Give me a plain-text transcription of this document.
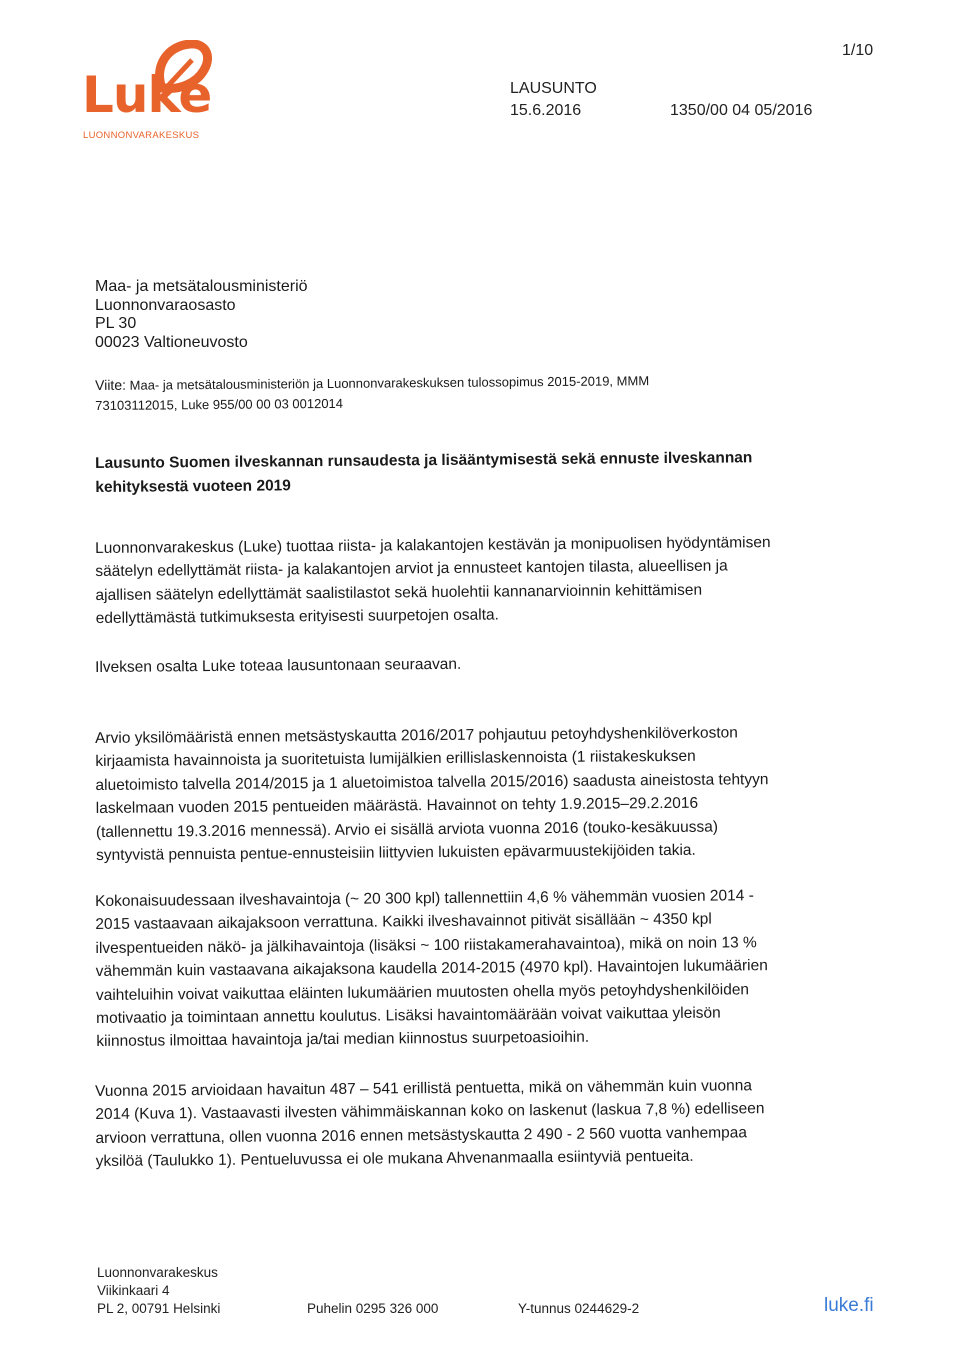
Luke
LUONNONVARAKESKUS
1/10
LAUSUNTO
15.6.2016	1350/00 04 05/2016
Maa- ja metsätalousministeriö
Luonnonvaraosasto
PL 30
00023 Valtioneuvosto
Viite: Maa- ja metsätalousministeriön ja Luonnonvarakeskuksen tulossopimus 2015-2019, MMM
73103112015, Luke 955/00 00 03 0012014
Lausunto Suomen ilveskannan runsaudesta ja lisääntymisestä sekä ennuste ilveskannan
kehityksestä vuoteen 2019

Luonnonvarakeskus (Luke) tuottaa riista- ja kalakantojen kestävän ja monipuolisen hyödyntämisen

säätelyn edellyttämät riista- ja kalakantojen arviot ja ennusteet kantojen tilasta, alueellisen ja

ajallisen säätelyn edellyttämät saalistilastot sekä huolehtii kannanarvioinnin kehittämisen

edellyttämästä tutkimuksesta erityisesti suurpetojen osalta.

Ilveksen osalta Luke toteaa lausuntonaan seuraavan.

Arvio yksilömääristä ennen metsästyskautta 2016/2017 pohjautuu petoyhdyshenkilöverkoston

kirjaamista havainnoista ja suoritetuista lumijälkien erillislaskennoista (1 riistakeskuksen

aluetoimisto talvella 2014/2015 ja 1 aluetoimistoa talvella 2015/2016) saadusta aineistosta tehtyyn

laskelmaan vuoden 2015 pentueiden määrästä. Havainnot on tehty 1.9.2015–29.2.2016

(tallennettu 19.3.2016 mennessä). Arvio ei sisällä arviota vuonna 2016 (touko-kesäkuussa)

syntyvistä pennuista pentue-ennusteisiin liittyvien lukuisten epävarmuustekijöiden takia.

Kokonaisuudessaan ilveshavaintoja (~ 20 300 kpl) tallennettiin 4,6 % vähemmän vuosien 2014 -

2015 vastaavaan aikajaksoon verrattuna. Kaikki ilveshavainnot pitivät sisällään ~ 4350 kpl

ilvespentueiden näkö- ja jälkihavaintoja (lisäksi ~ 100 riistakamerahavaintoa), mikä on noin 13 %

vähemmän kuin vastaavana aikajaksona kaudella 2014-2015 (4970 kpl). Havaintojen lukumäärien

vaihteluihin voivat vaikuttaa eläinten lukumäärien muutosten ohella myös petoyhdyshenkilöiden

motivaatio ja toimintaan annettu koulutus. Lisäksi havaintomäärään voivat vaikuttaa yleisön

kiinnostus ilmoittaa havaintoja ja/tai median kiinnostus suurpetoasioihin.

Vuonna 2015 arvioidaan havaitun 487 – 541 erillistä pentuetta, mikä on vähemmän kuin vuonna

2014 (Kuva 1). Vastaavasti ilvesten vähimmäiskannan koko on laskenut (laskua 7,8 %) edelliseen

arvioon verrattuna, ollen vuonna 2016 ennen metsästyskautta 2 490 - 2 560 vuotta vanhempaa

yksilöä (Taulukko 1). Pentueluvussa ei ole mukana Ahvenanmaalla esiintyviä pentueita.

Luonnonvarakeskus
Viikinkaari 4
PL 2, 00791 Helsinki	Puhelin 0295 326 000	Y-tunnus 0244629-2	luke.fi
